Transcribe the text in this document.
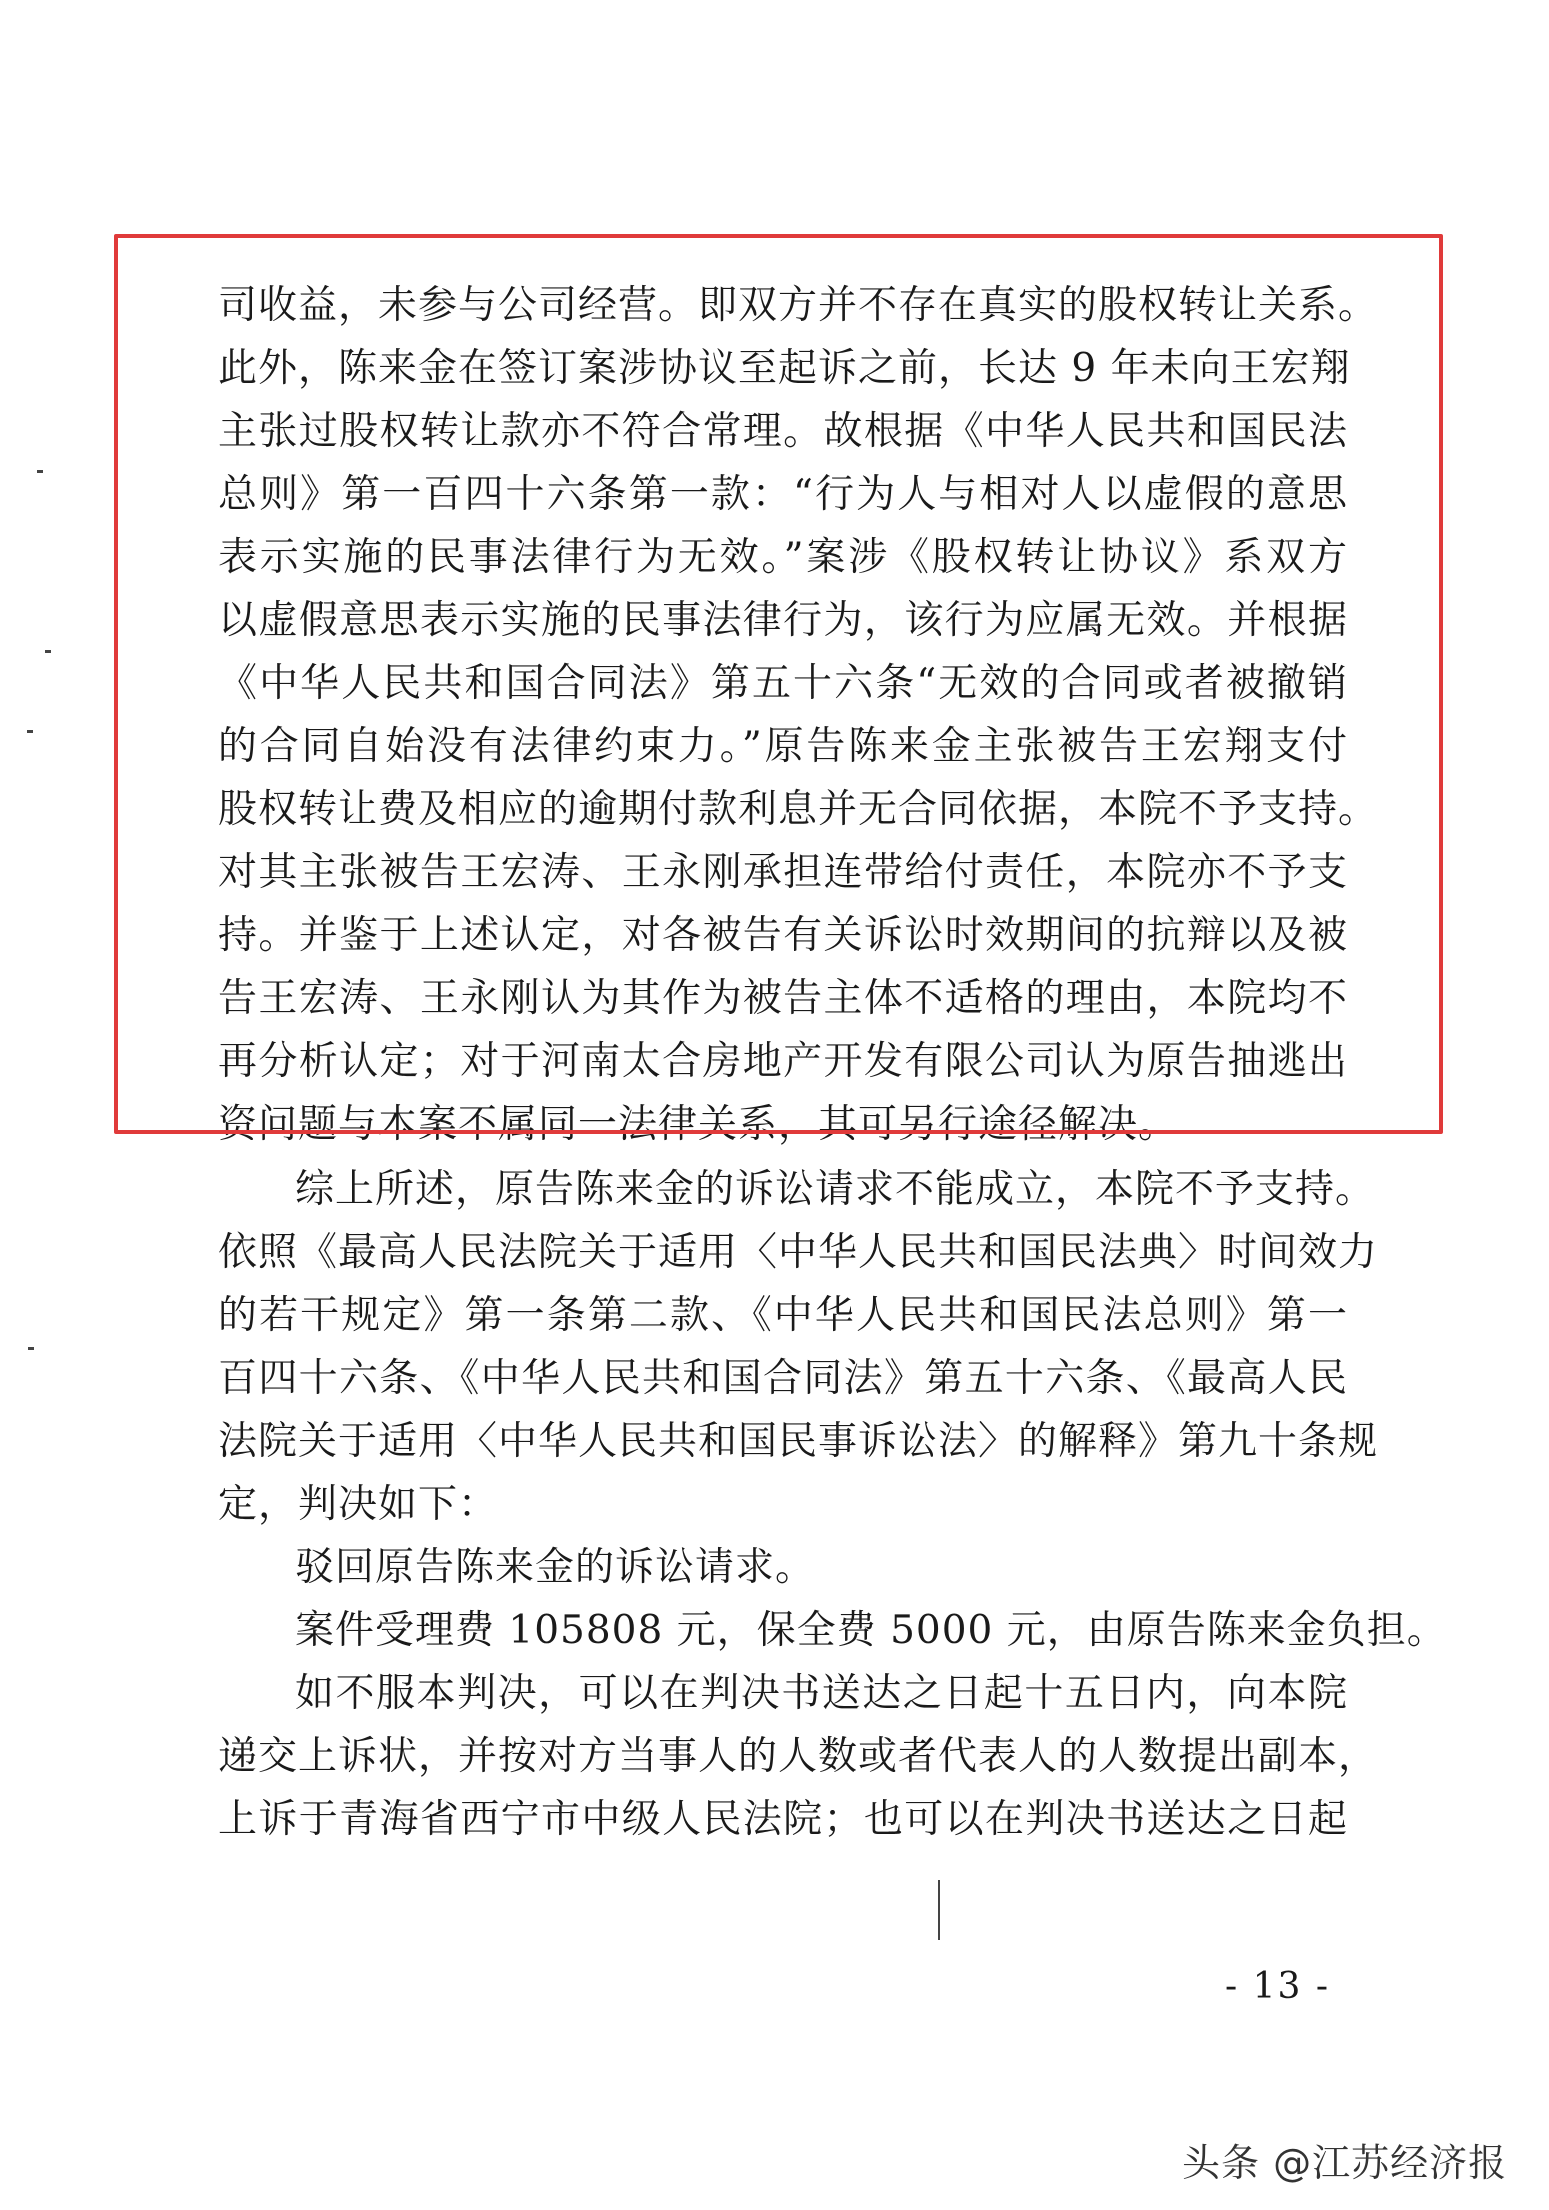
司收益，未参与公司经营。即双方并不存在真实的股权转让关系。
此外，陈来金在签订案涉协议至起诉之前，长达 9 年未向王宏翔
主张过股权转让款亦不符合常理。故根据《中华人民共和国民法
总则》第一百四十六条第一款：“行为人与相对人以虚假的意思
表示实施的民事法律行为无效。”案涉《股权转让协议》系双方
以虚假意思表示实施的民事法律行为，该行为应属无效。并根据
《中华人民共和国合同法》第五十六条“无效的合同或者被撤销
的合同自始没有法律约束力。”原告陈来金主张被告王宏翔支付
股权转让费及相应的逾期付款利息并无合同依据，本院不予支持。
对其主张被告王宏涛、王永刚承担连带给付责任，本院亦不予支
持。并鉴于上述认定，对各被告有关诉讼时效期间的抗辩以及被
告王宏涛、王永刚认为其作为被告主体不适格的理由，本院均不
再分析认定；对于河南太合房地产开发有限公司认为原告抽逃出
资问题与本案不属同一法律关系，其可另行途径解决。
综上所述，原告陈来金的诉讼请求不能成立，本院不予支持。
依照《最高人民法院关于适用〈中华人民共和国民法典〉时间效力
的若干规定》第一条第二款、《中华人民共和国民法总则》第一
百四十六条、《中华人民共和国合同法》第五十六条、《最高人民
法院关于适用〈中华人民共和国民事诉讼法〉的解释》第九十条规
定，判决如下：
驳回原告陈来金的诉讼请求。
案件受理费 105808 元，保全费 5000 元，由原告陈来金负担。
如不服本判决，可以在判决书送达之日起十五日内，向本院
递交上诉状，并按对方当事人的人数或者代表人的人数提出副本，
上诉于青海省西宁市中级人民法院；也可以在判决书送达之日起
- 13 -
头条 @江苏经济报
